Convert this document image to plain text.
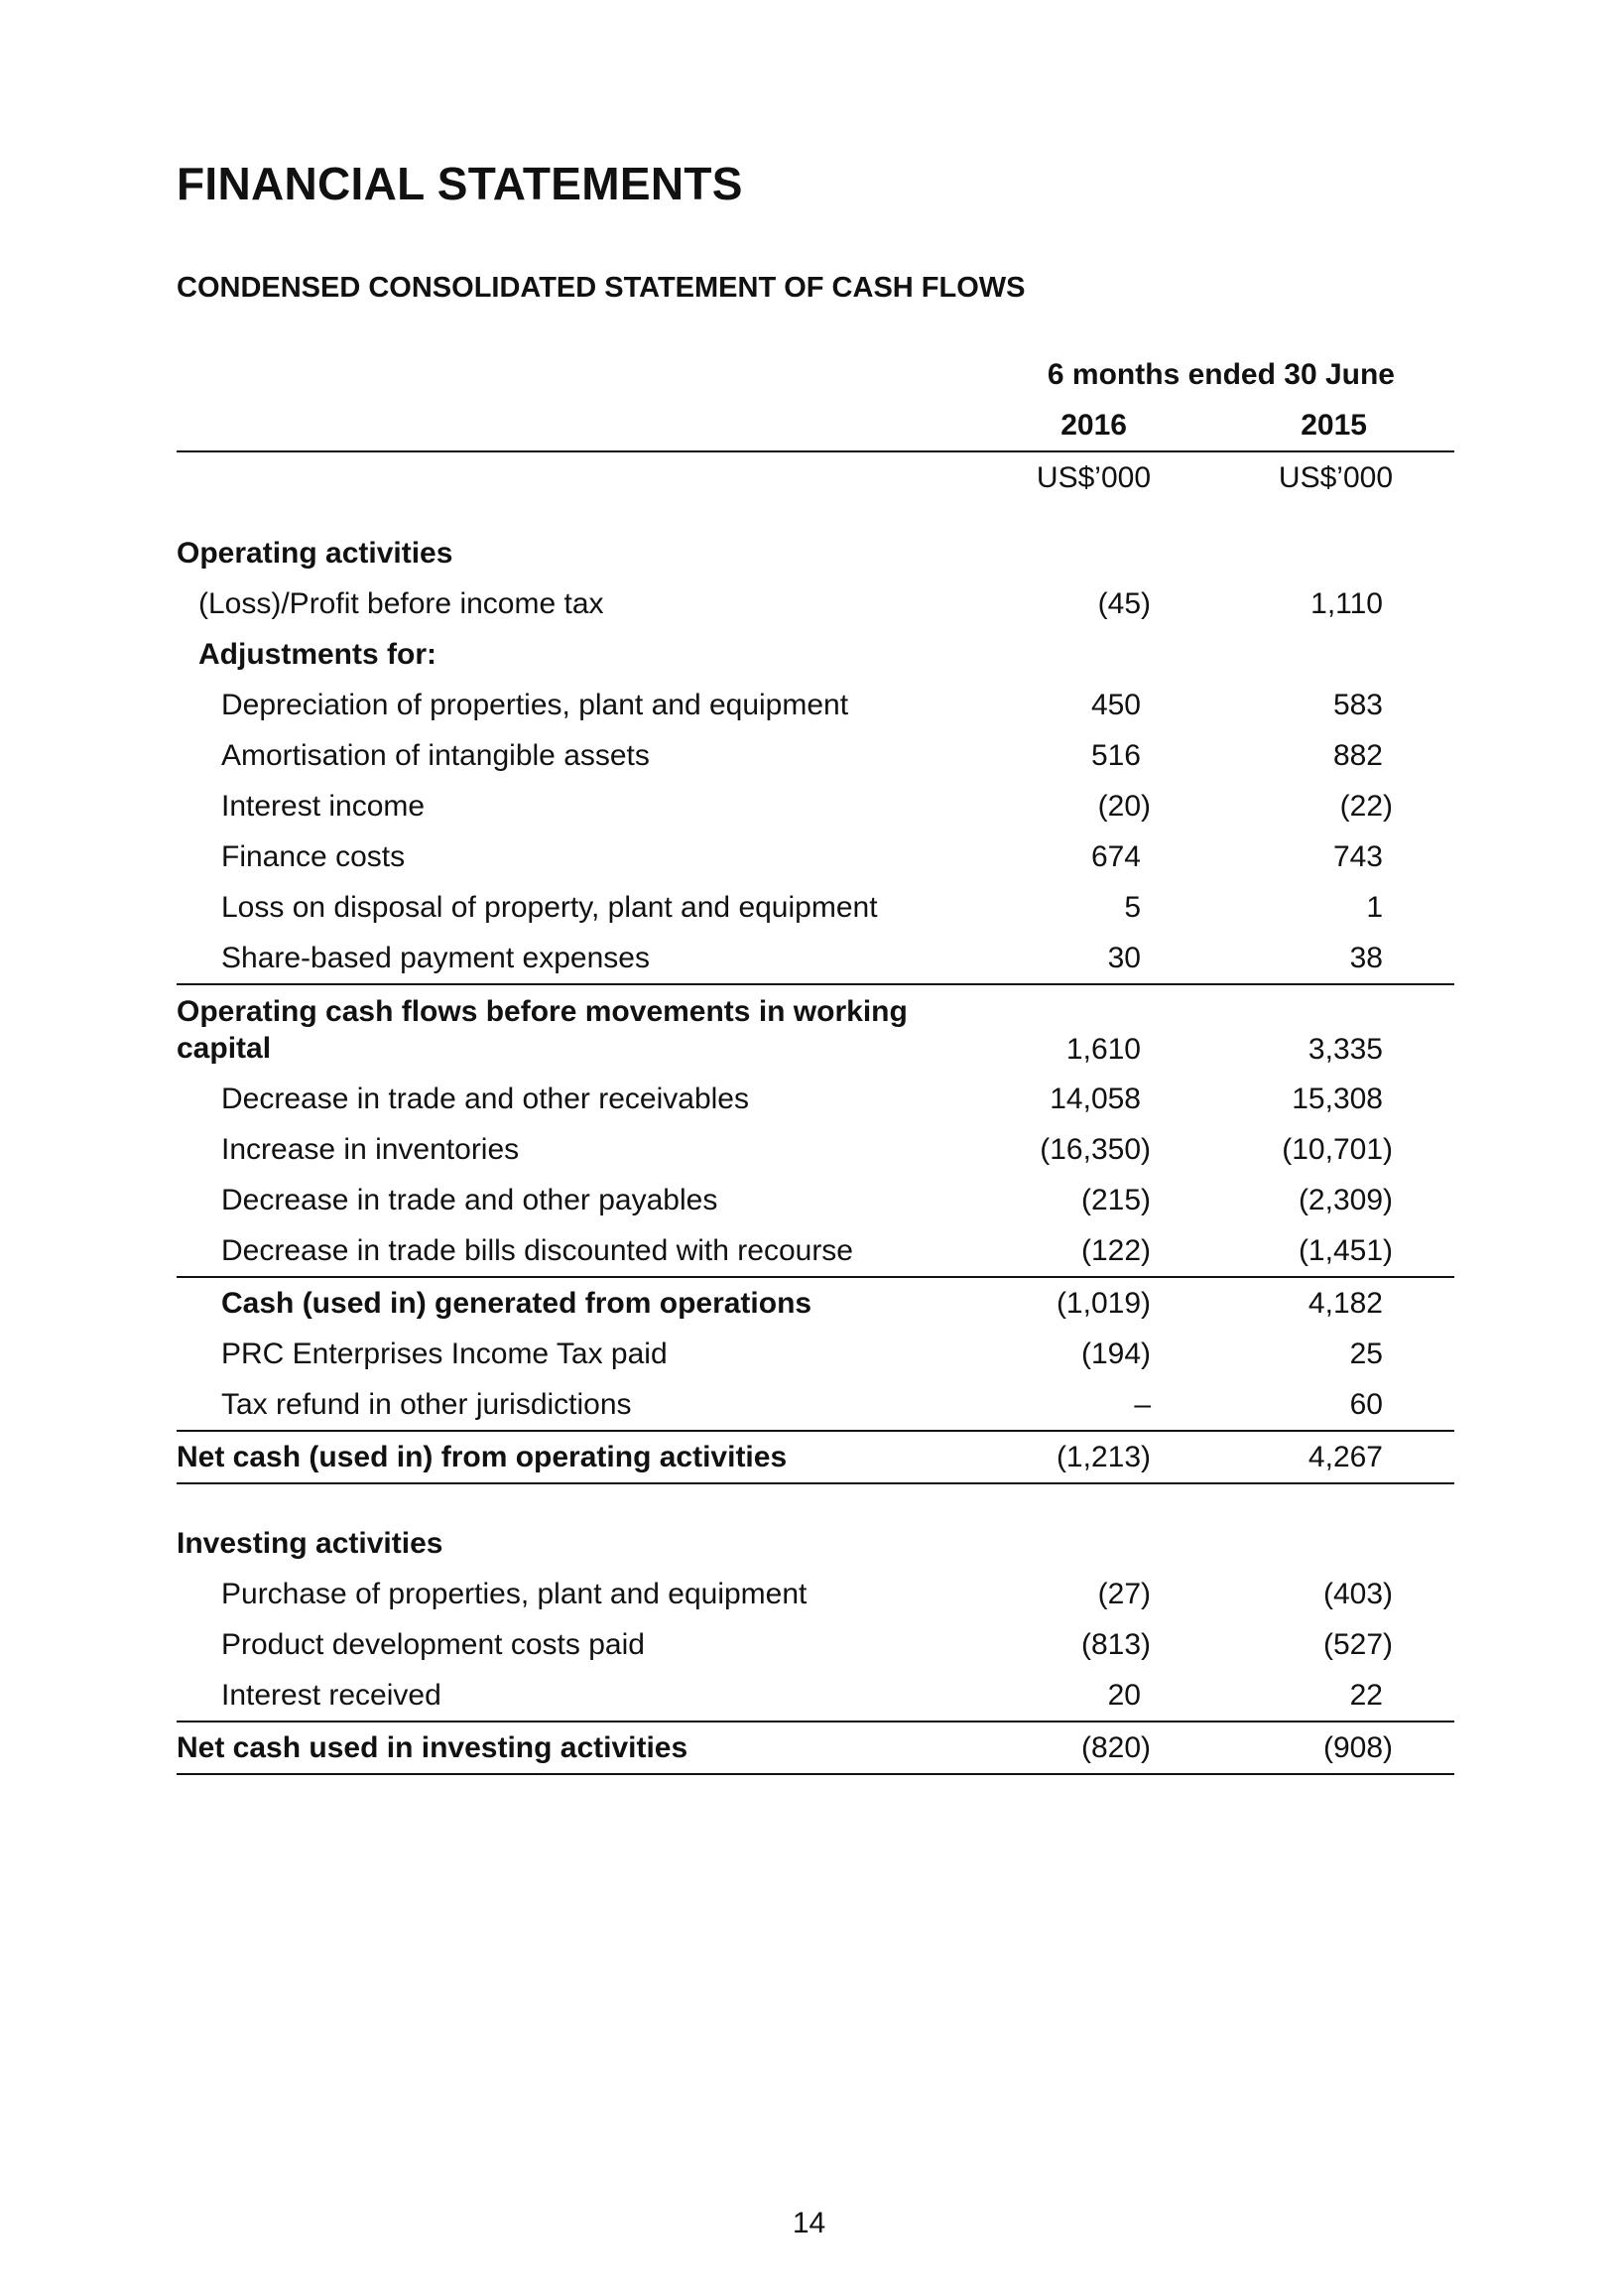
FINANCIAL STATEMENTS
CONDENSED CONSOLIDATED STATEMENT OF CASH FLOWS
6 months ended 30 June
2016	2015
US$’000	US$’000
Operating activities
(Loss)/Profit before income tax	(45)	1,110
Adjustments for:
Depreciation of properties, plant and equipment	450	583
Amortisation of intangible assets	516	882
Interest income	(20)	(22)
Finance costs	674	743
Loss on disposal of property, plant and equipment	5	1
Share-based payment expenses	30	38
Operating cash flows before movements in working capital	1,610	3,335
Decrease in trade and other receivables	14,058	15,308
Increase in inventories	(16,350)	(10,701)
Decrease in trade and other payables	(215)	(2,309)
Decrease in trade bills discounted with recourse	(122)	(1,451)
Cash (used in) generated from operations	(1,019)	4,182
PRC Enterprises Income Tax paid	(194)	25
Tax refund in other jurisdictions	–	60
Net cash (used in) from operating activities	(1,213)	4,267
Investing activities
Purchase of properties, plant and equipment	(27)	(403)
Product development costs paid	(813)	(527)
Interest received	20	22
Net cash used in investing activities	(820)	(908)
14
